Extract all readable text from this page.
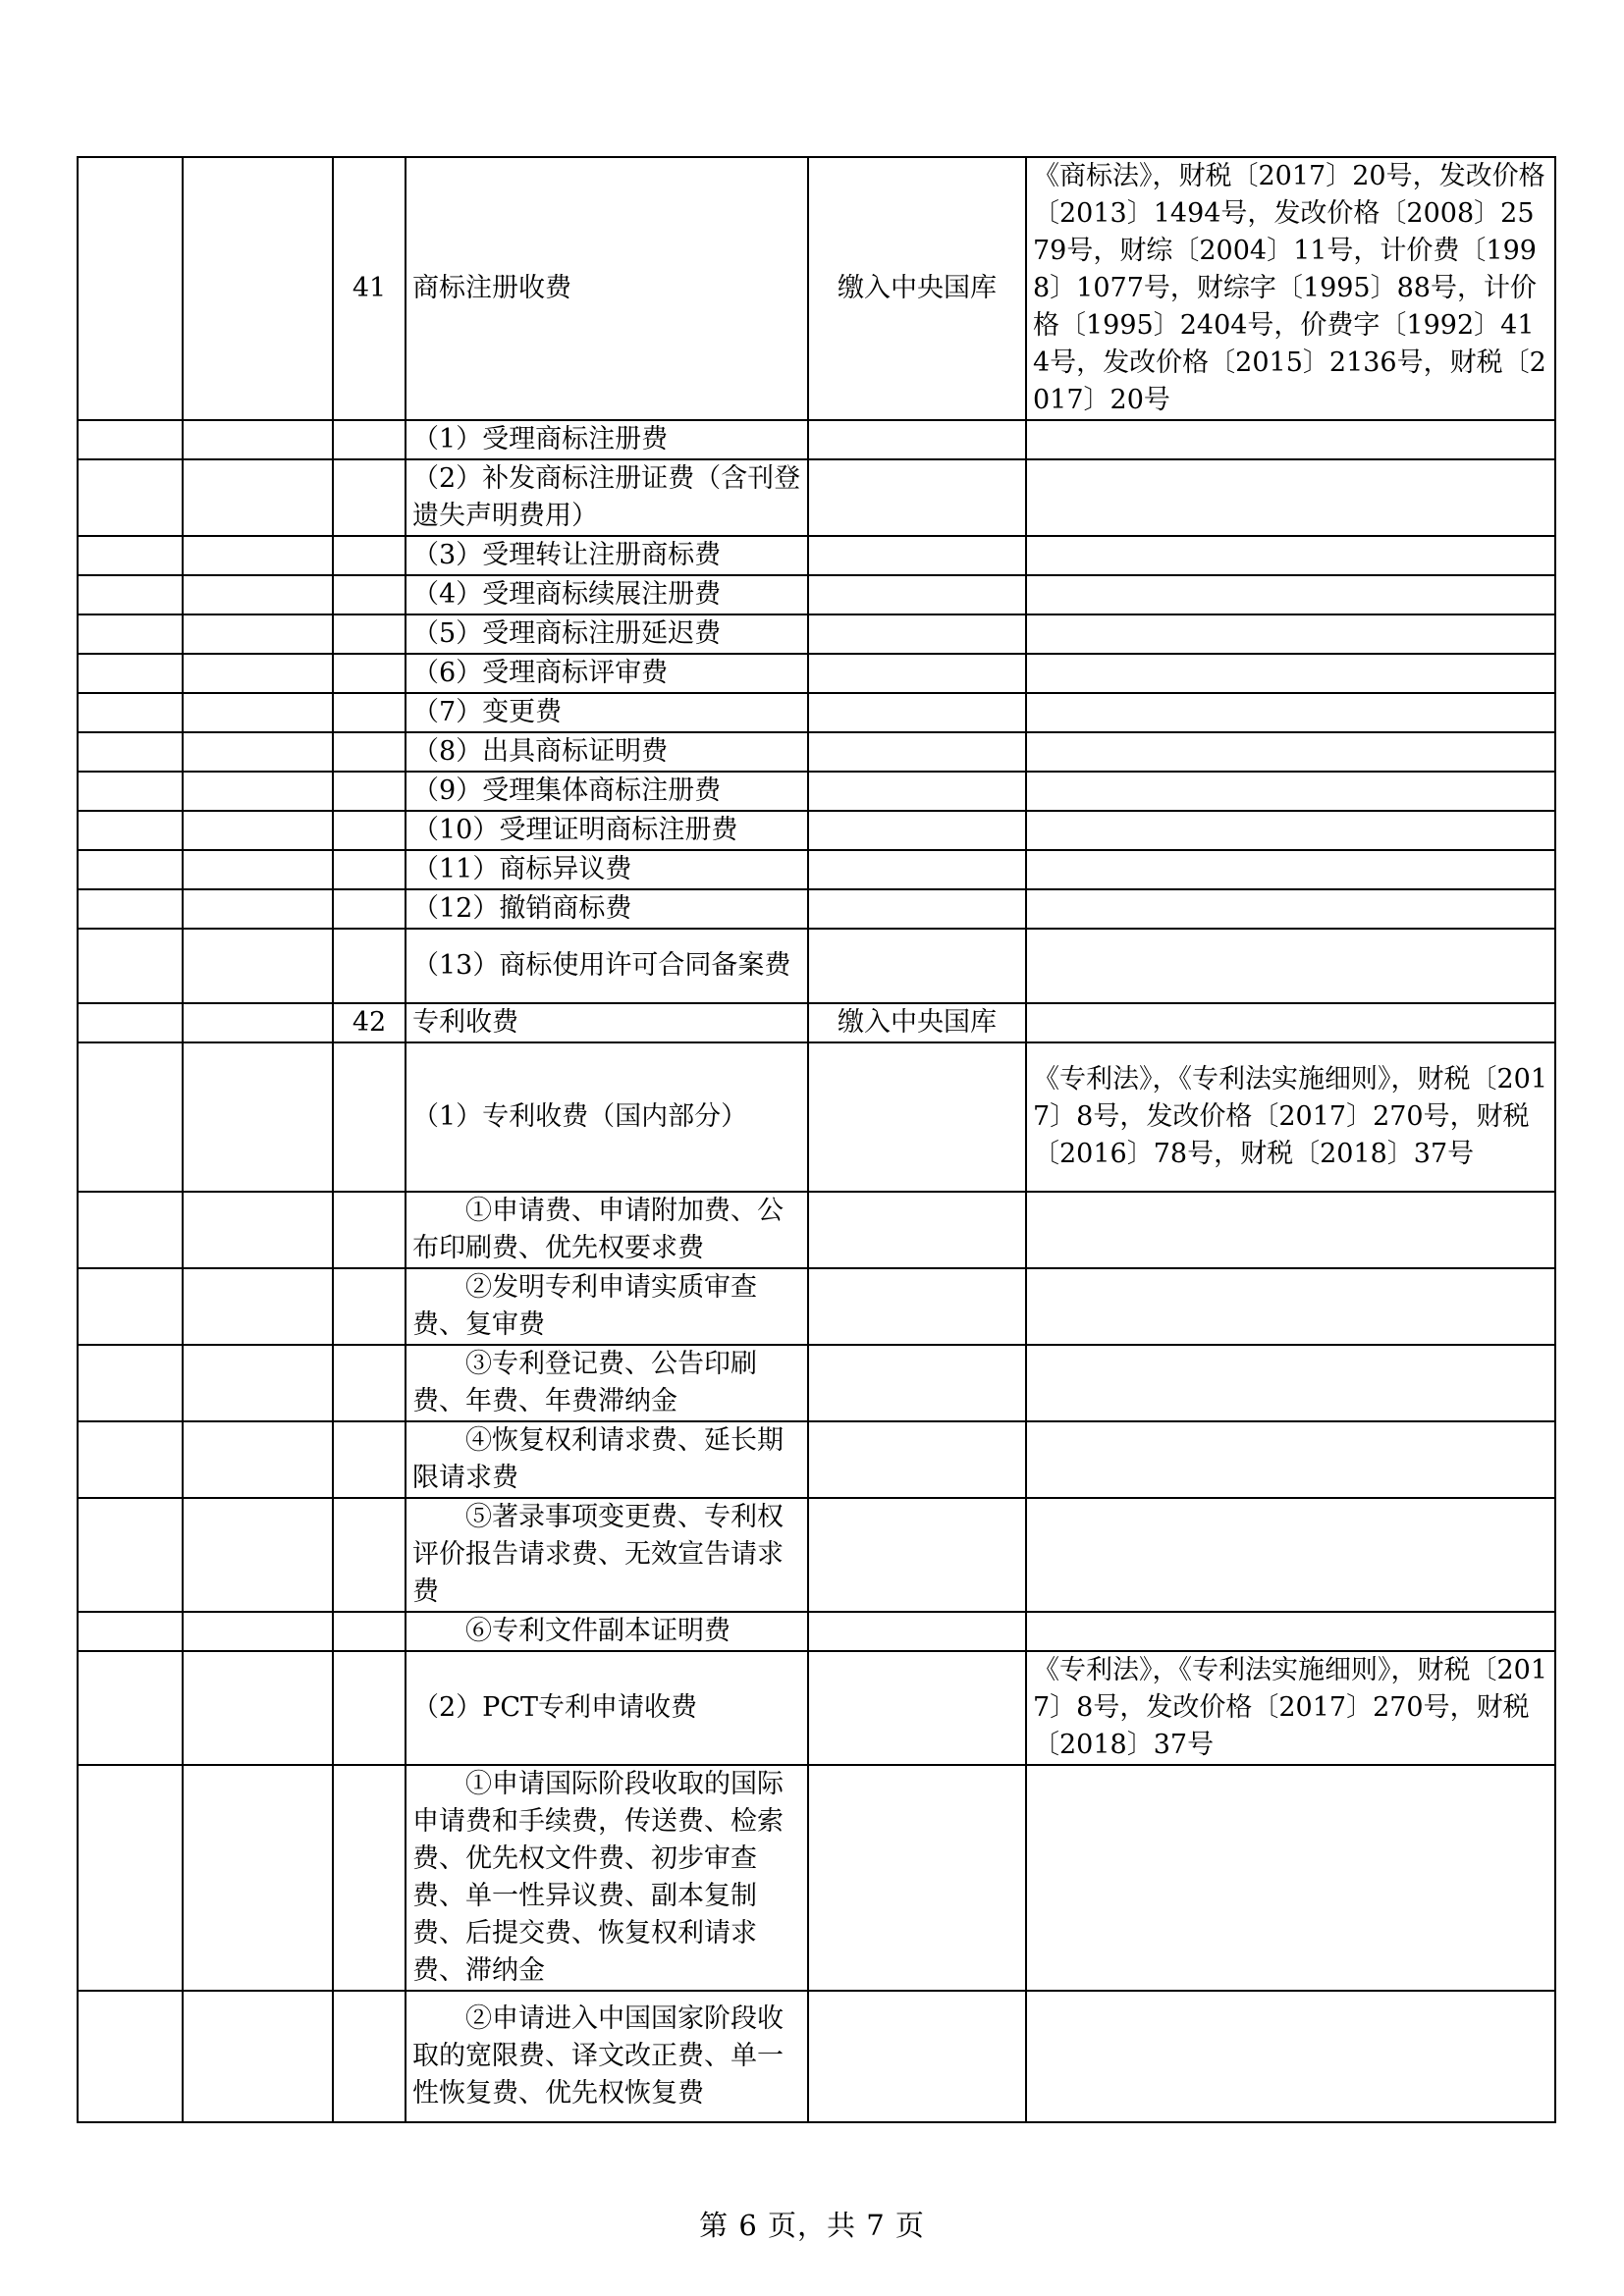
		41	商标注册收费	缴入中央国库	《商标法》，财税〔2017〕20号，发改价格〔2013〕1494号，发改价格〔2008〕2579号，财综〔2004〕11号，计价费〔1998〕1077号，财综字〔1995〕88号，计价格〔1995〕2404号，价费字〔1992〕414号，发改价格〔2015〕2136号，财税〔2017〕20号
			（1）受理商标注册费		
			（2）补发商标注册证费（含刊登遗失声明费用）		
			（3）受理转让注册商标费		
			（4）受理商标续展注册费		
			（5）受理商标注册延迟费		
			（6）受理商标评审费		
			（7）变更费		
			（8）出具商标证明费		
			（9）受理集体商标注册费		
			（10）受理证明商标注册费		
			（11）商标异议费		
			（12）撤销商标费		
			（13）商标使用许可合同备案费		
		42	专利收费	缴入中央国库	
			（1）专利收费（国内部分）		《专利法》，《专利法实施细则》，财税〔2017〕8号，发改价格〔2017〕270号，财税〔2016〕78号，财税〔2018〕37号
			①申请费、申请附加费、公布印刷费、优先权要求费		
			②发明专利申请实质审查费、复审费		
			③专利登记费、公告印刷费、年费、年费滞纳金		
			④恢复权利请求费、延长期限请求费		
			⑤著录事项变更费、专利权评价报告请求费、无效宣告请求费		
			⑥专利文件副本证明费		
			（2）PCT专利申请收费		《专利法》，《专利法实施细则》，财税〔2017〕8号，发改价格〔2017〕270号，财税〔2018〕37号
			①申请国际阶段收取的国际申请费和手续费，传送费、检索费、优先权文件费、初步审查费、单一性异议费、副本复制费、后提交费、恢复权利请求费、滞纳金		
			②申请进入中国国家阶段收取的宽限费、译文改正费、单一性恢复费、优先权恢复费		
第 6 页，共 7 页
